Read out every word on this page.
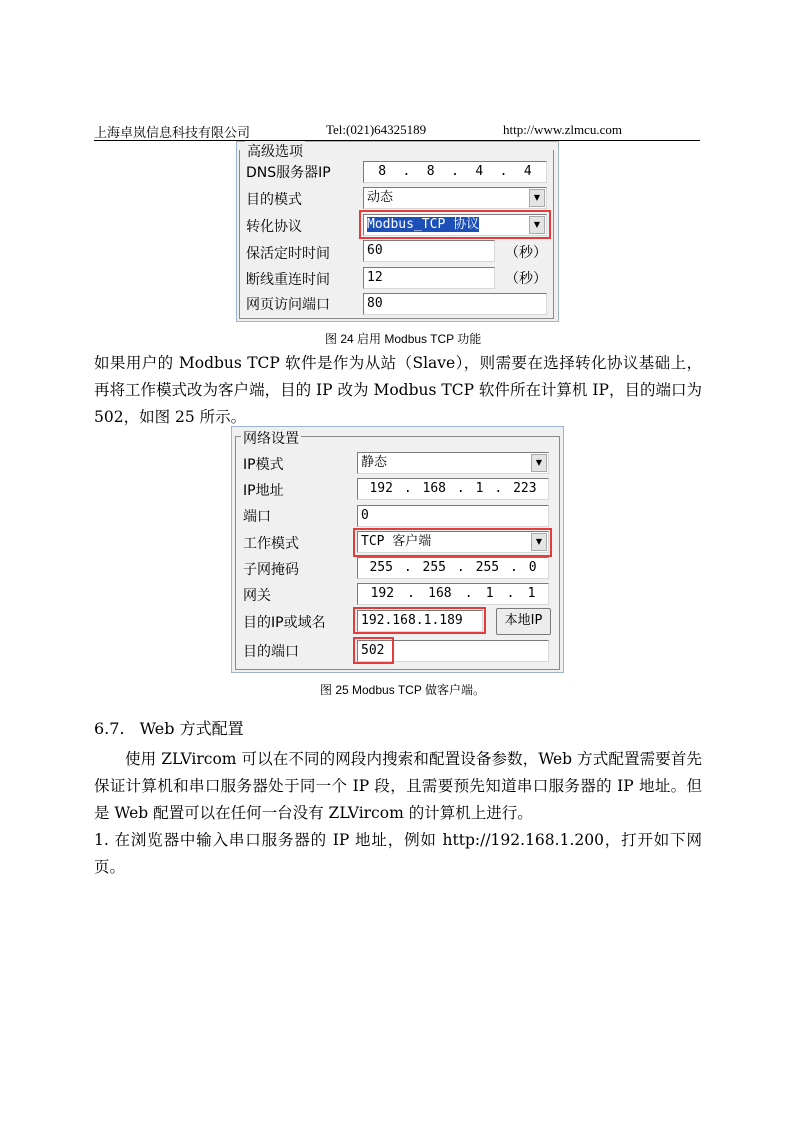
上海卓岚信息科技有限公司	Tel:(021)64325189	http://www.zlmcu.com
高级选项
DNS服务器IP	8 . 8 . 4 . 4
目的模式	动态	▼
转化协议	Modbus_TCP 协议	▼
保活定时时间	60	（秒）
断线重连时间	12	（秒）
网页访问端口	80
图 24 启用 Modbus TCP 功能
如果用户的 Modbus TCP 软件是作为从站（Slave），则需要在选择转化协议基础上，再将工作模式改为客户端，目的 IP 改为 Modbus TCP 软件所在计算机 IP，目的端口为 502，如图 25 所示。
网络设置
IP模式	静态	▼
IP地址	192 . 168 . 1 . 223
端口	0
工作模式	TCP 客户端	▼
子网掩码	255 . 255 . 255 . 0
网关	192 . 168 . 1 . 1
目的IP或域名	192.168.1.189	本地IP
目的端口	502
图 25 Modbus TCP 做客户端。
6.7. Web 方式配置
使用 ZLVircom 可以在不同的网段内搜索和配置设备参数，Web 方式配置需要首先保证计算机和串口服务器处于同一个 IP 段，且需要预先知道串口服务器的 IP 地址。但是 Web 配置可以在任何一台没有 ZLVircom 的计算机上进行。
1. 在浏览器中输入串口服务器的 IP 地址，例如 http://192.168.1.200，打开如下网页。
